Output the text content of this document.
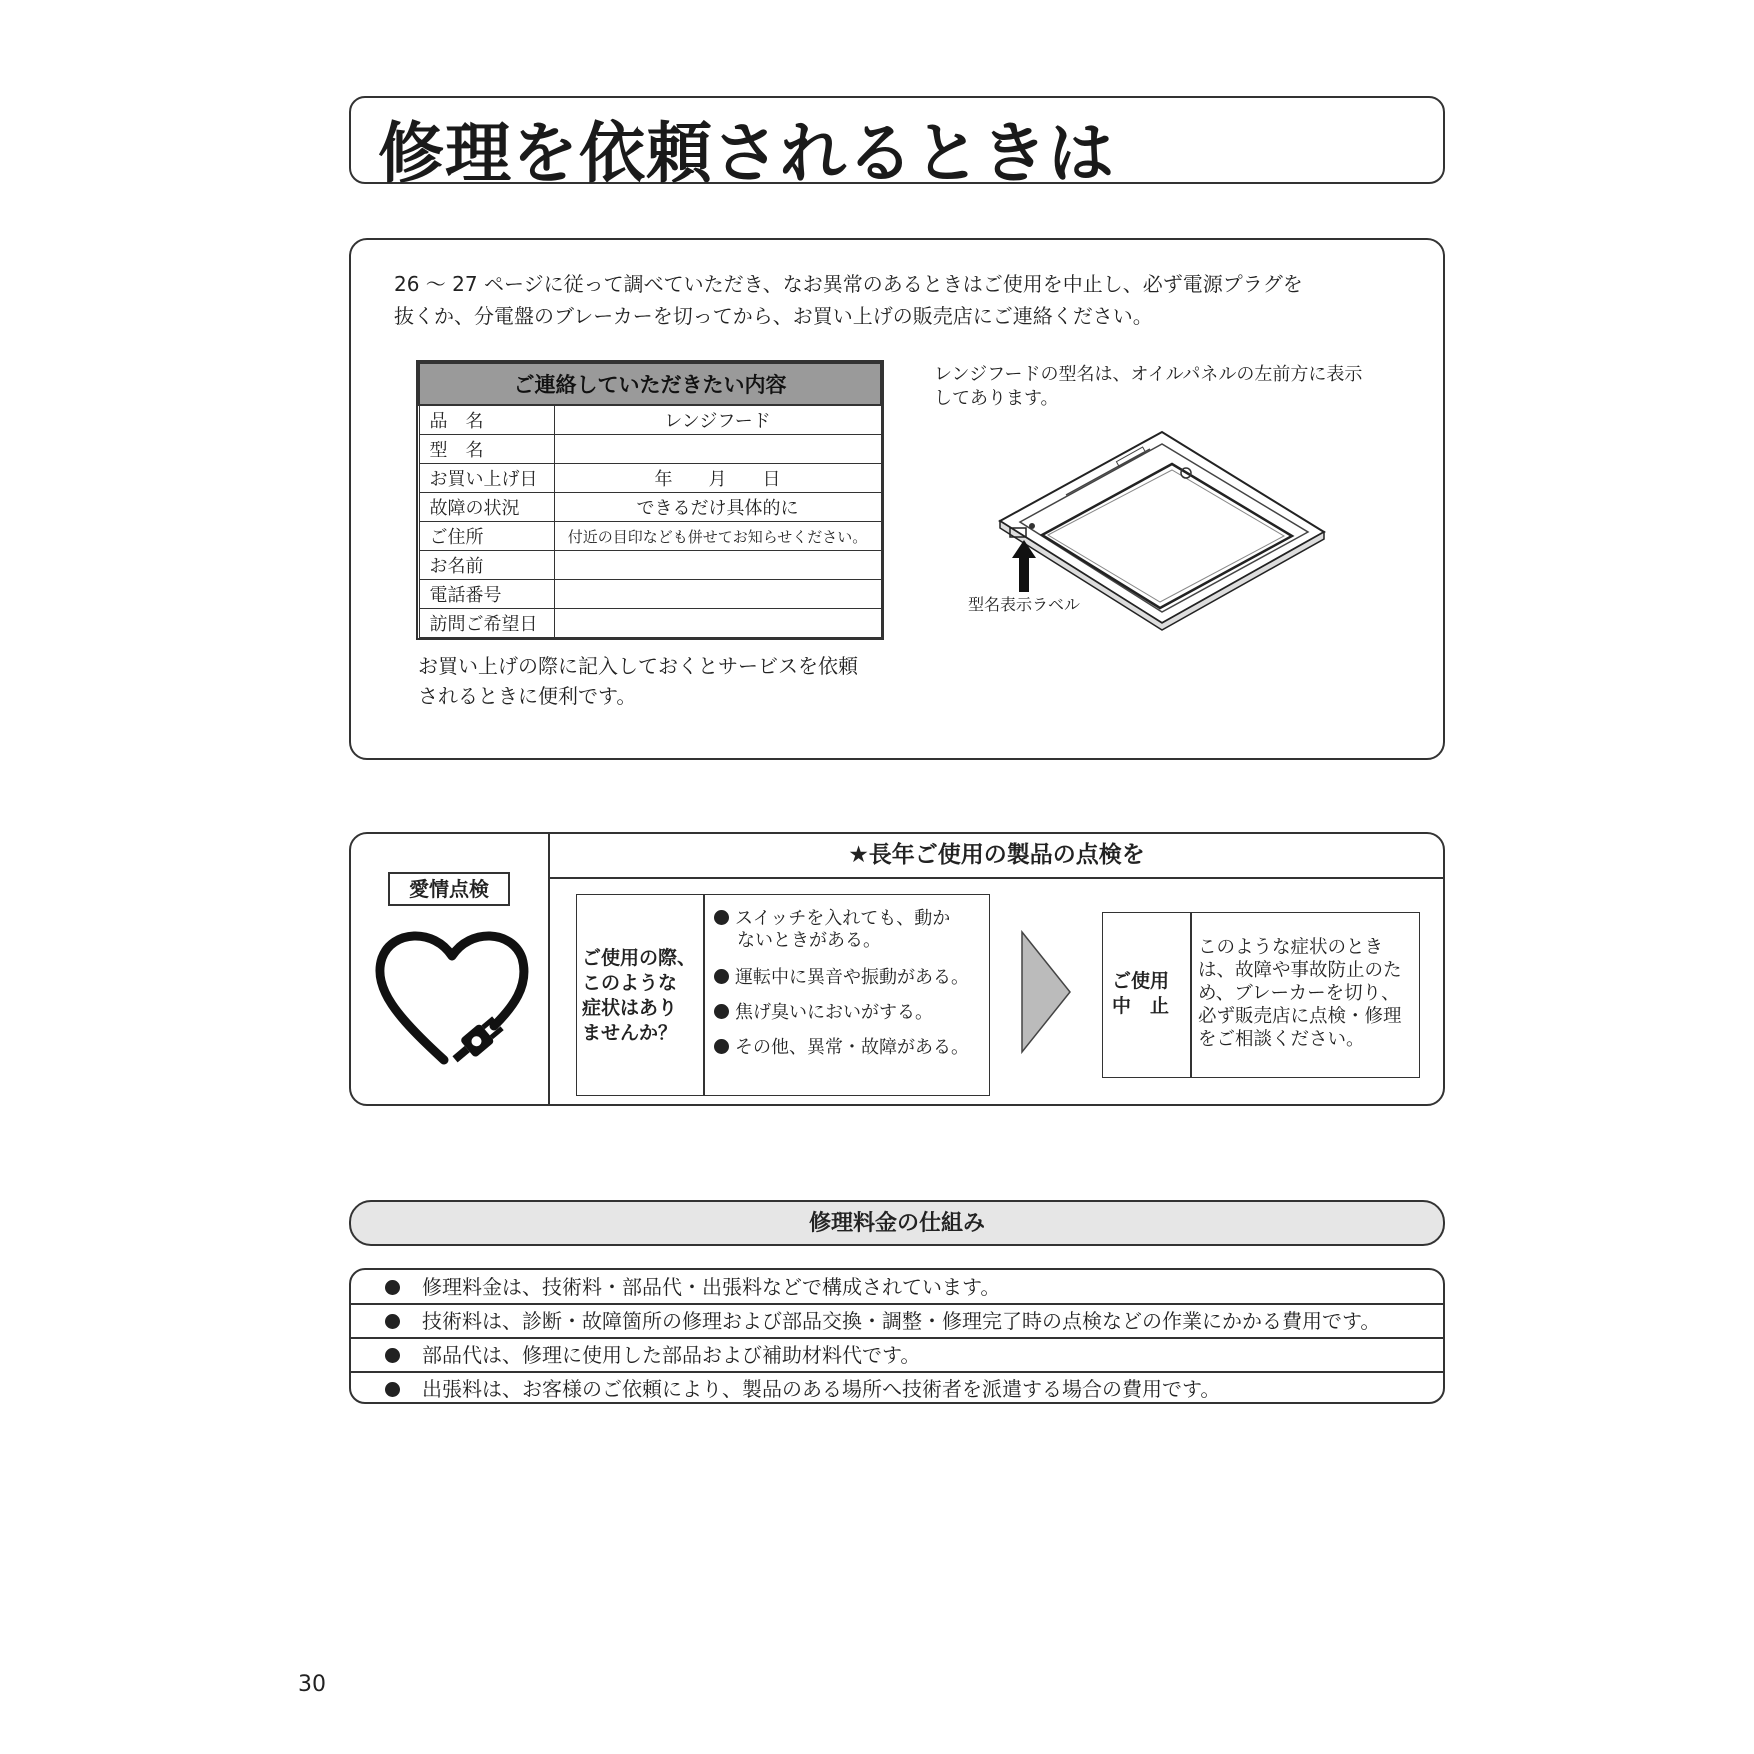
修理を依頼されるときは
26 ～ 27 ページに従って調べていただき、なお異常のあるときはご使用を中止し、必ず電源プラグを
抜くか、分電盤のブレーカーを切ってから、お買い上げの販売店にご連絡ください。
ご連絡していただきたい内容	
品　名	レンジフード
型　名	
お買い上げ日	年　　月　　日
故障の状況	できるだけ具体的に
ご住所	付近の目印なども併せてお知らせください。
お名前	
電話番号	
訪問ご希望日	
お買い上げの際に記入しておくとサービスを依頼
されるときに便利です。
レンジフードの型名は、オイルパネルの左前方に表示
してあります。
型名表示ラベル
★長年ご使用の製品の点検を
愛情点検
ご使用の際、
このような
症状はあり
ませんか？
スイッチを入れても、動か
ないときがある。
運転中に異音や振動がある。
焦げ臭いにおいがする。
その他、異常・故障がある。
ご使用
中　止
このような症状のとき
は、故障や事故防止のた
め、ブレーカーを切り、
必ず販売店に点検・修理
をご相談ください。
修理料金の仕組み
修理料金は、技術料・部品代・出張料などで構成されています。
技術料は、診断・故障箇所の修理および部品交換・調整・修理完了時の点検などの作業にかかる費用です。
部品代は、修理に使用した部品および補助材料代です。
出張料は、お客様のご依頼により、製品のある場所へ技術者を派遣する場合の費用です。
30
